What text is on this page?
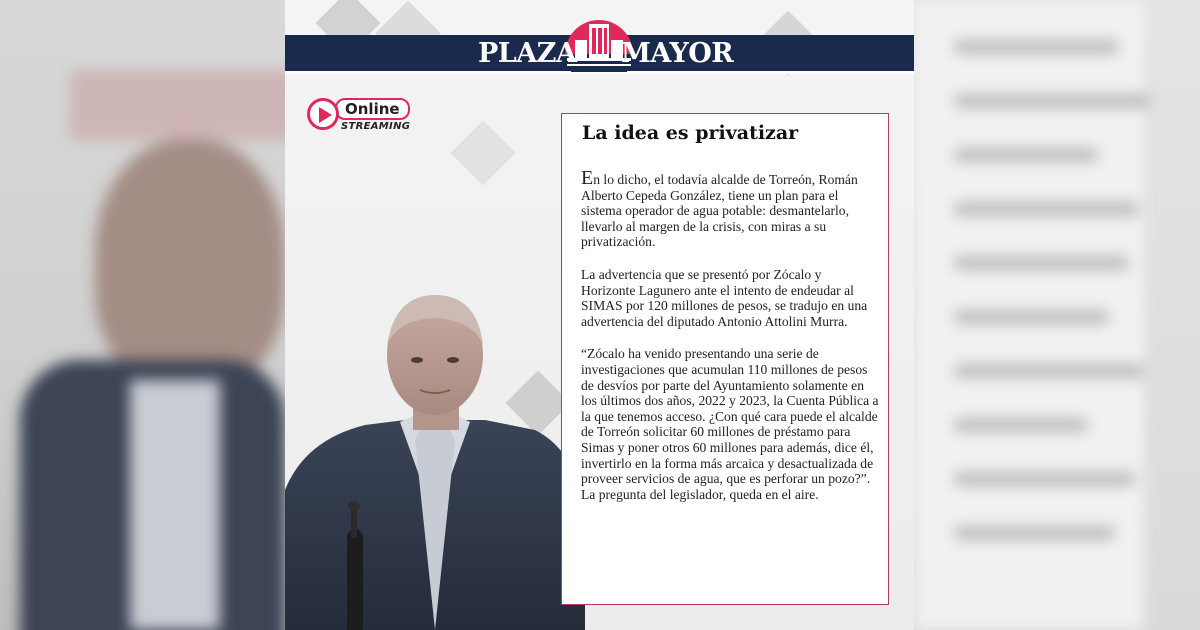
PLAZA MAYOR
Online
STREAMING	La idea es privatizar

En lo dicho, el todavía alcalde de Torreón, Román Alberto Cepeda González, tiene un plan para el sistema operador de agua potable: desmantelarlo, llevarlo al margen de la crisis, con miras a su privatización.

La advertencia que se presentó por Zócalo y Horizonte Lagunero ante el intento de endeudar al SIMAS por 120 millones de pesos, se tradujo en una advertencia del diputado Antonio Attolini Murra.

“Zócalo ha venido presentando una serie de investigaciones que acumulan 110 millones de pesos de desvíos por parte del Ayuntamiento solamente en los últimos dos años, 2022 y 2023, la Cuenta Pública a la que tenemos acceso. ¿Con qué cara puede el alcalde de Torreón solicitar 60 millones de préstamo para Simas y poner otros 60 millones para además, dice él, invertirlo en la forma más arcaica y desactualizada de proveer servicios de agua, que es perforar un pozo?”. La pregunta del legislador, queda en el aire.
